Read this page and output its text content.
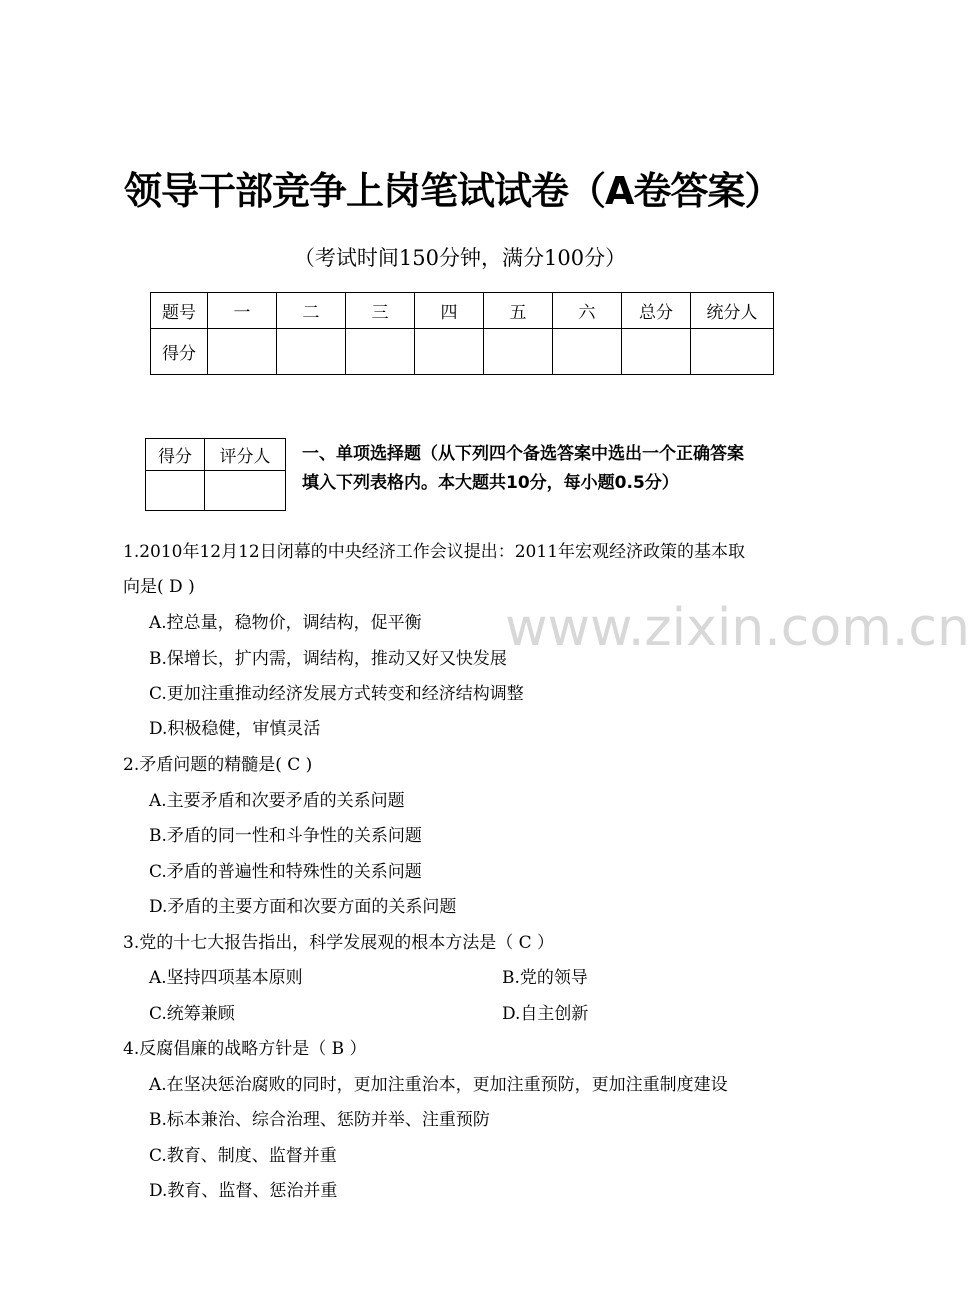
领导干部竞争上岗笔试试卷（A卷答案）
（考试时间150分钟，满分100分）
题号	一	二	三	四	五	六	总分	统分人
得分								
得分	评分人
	一、单项选择题（从下列四个备选答案中选出一个正确答案
填入下列表格内。本大题共10分，每小题0.5分）
www.zixin.com.cn
1.2010年12月12日闭幕的中央经济工作会议提出：2011年宏观经济政策的基本取
向是( D )
A.控总量，稳物价，调结构，促平衡
B.保增长，扩内需，调结构，推动又好又快发展
C.更加注重推动经济发展方式转变和经济结构调整
D.积极稳健，审慎灵活
2.矛盾问题的精髓是( C )
A.主要矛盾和次要矛盾的关系问题
B.矛盾的同一性和斗争性的关系问题
C.矛盾的普遍性和特殊性的关系问题
D.矛盾的主要方面和次要方面的关系问题
3.党的十七大报告指出，科学发展观的根本方法是（ C ）
A.坚持四项基本原则	B.党的领导
C.统筹兼顾	D.自主创新
4.反腐倡廉的战略方针是（ B ）
A.在坚决惩治腐败的同时，更加注重治本，更加注重预防，更加注重制度建设
B.标本兼治、综合治理、惩防并举、注重预防
C.教育、制度、监督并重
D.教育、监督、惩治并重
